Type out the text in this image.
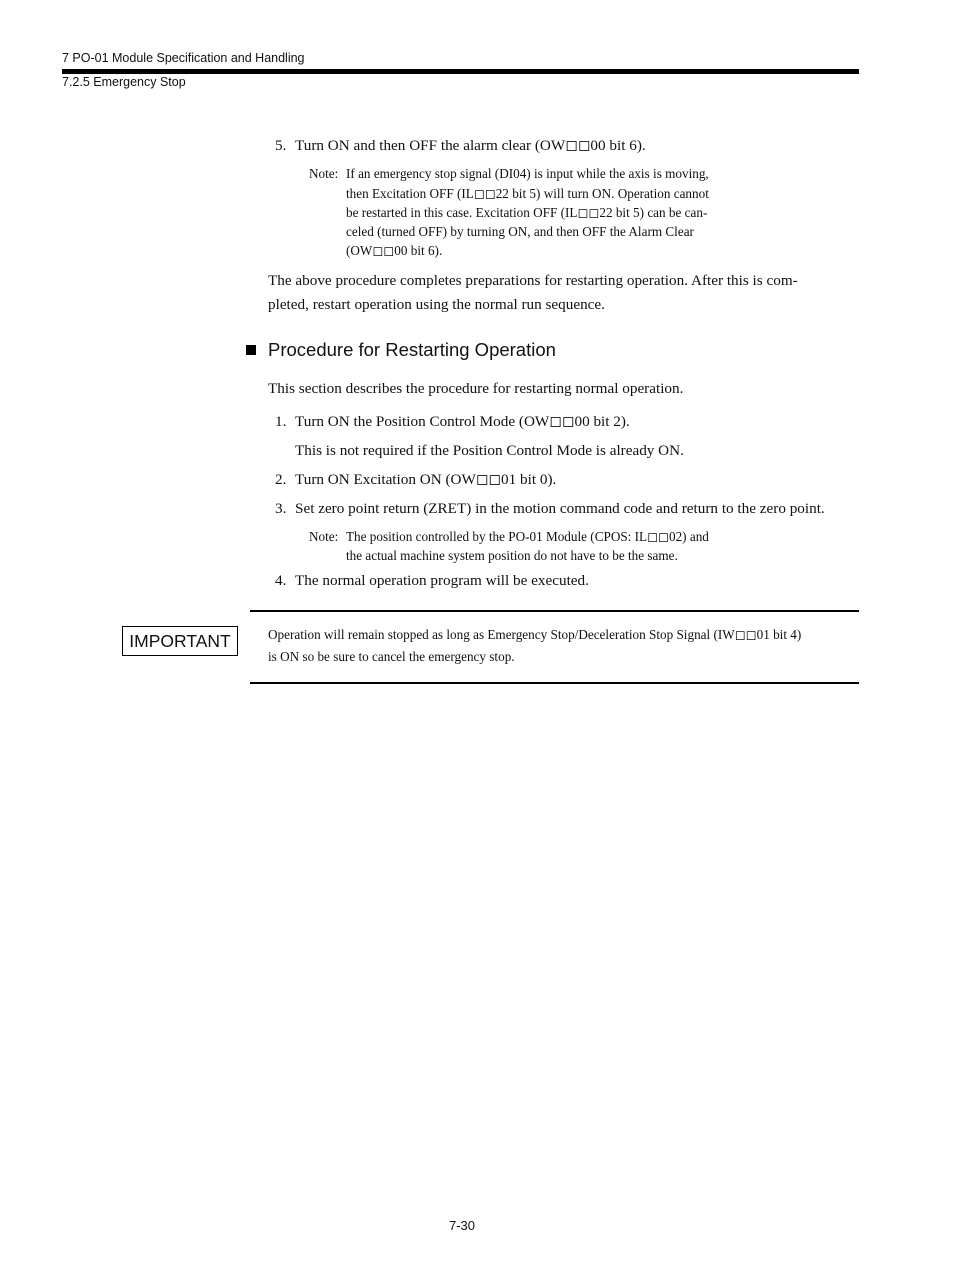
7 PO-01 Module Specification and Handling
7.2.5 Emergency Stop
5. Turn ON and then OFF the alarm clear (OW◻◻00 bit 6).
Note: If an emergency stop signal (DI04) is input while the axis is moving,
then Excitation OFF (IL◻◻22 bit 5) will turn ON. Operation cannot
be restarted in this case. Excitation OFF (IL◻◻22 bit 5) can be can-
celed (turned OFF) by turning ON, and then OFF the Alarm Clear
(OW◻◻00 bit 6).
The above procedure completes preparations for restarting operation. After this is com-
pleted, restart operation using the normal run sequence.
Procedure for Restarting Operation
This section describes the procedure for restarting normal operation.
1. Turn ON the Position Control Mode (OW◻◻00 bit 2).
This is not required if the Position Control Mode is already ON.
2. Turn ON Excitation ON (OW◻◻01 bit 0).
3. Set zero point return (ZRET) in the motion command code and return to the zero point.
Note: The position controlled by the PO-01 Module (CPOS: IL◻◻02) and
the actual machine system position do not have to be the same.
4. The normal operation program will be executed.
IMPORTANT	Operation will remain stopped as long as Emergency Stop/Deceleration Stop Signal (IW◻◻01 bit 4)
is ON so be sure to cancel the emergency stop.
7-30
